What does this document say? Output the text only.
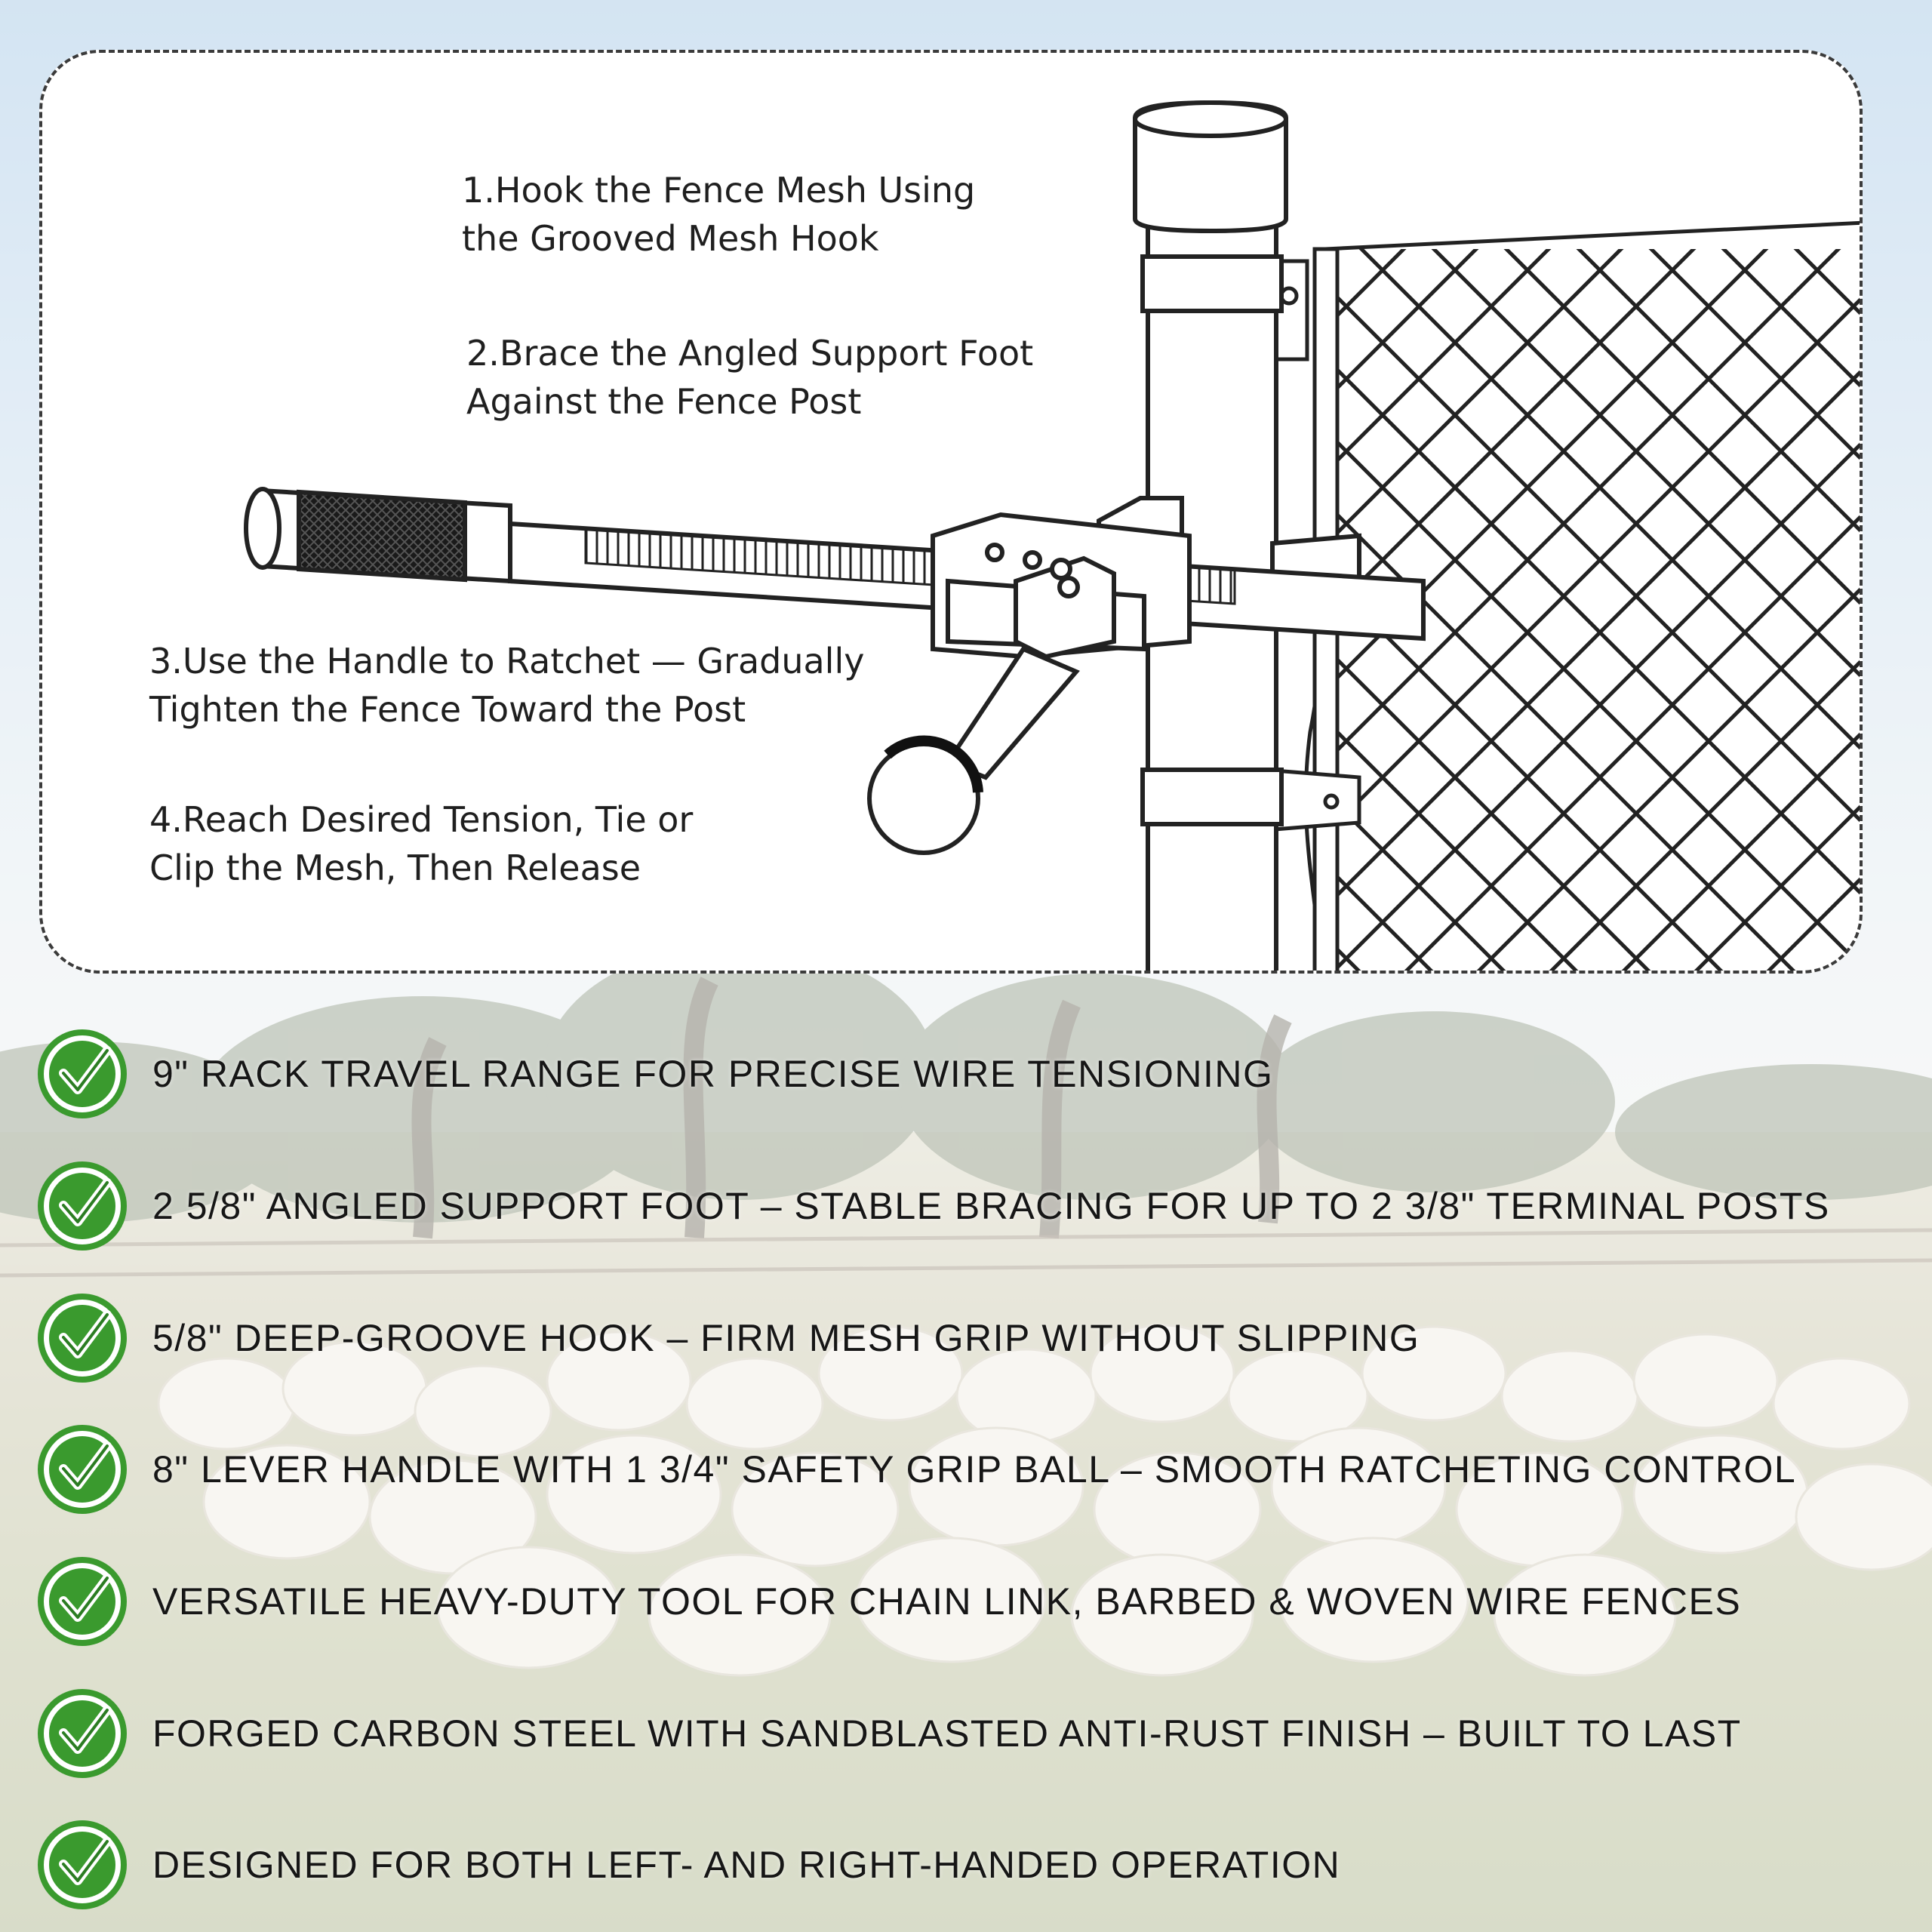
1.Hook the Fence Mesh Using
the Grooved Mesh Hook

2.Brace the Angled Support Foot
Against the Fence Post

3.Use the Handle to Ratchet — Gradually
Tighten the Fence Toward the Post

4.Reach Desired Tension, Tie or
Clip the Mesh, Then Release

9" RACK TRAVEL RANGE FOR PRECISE WIRE TENSIONING
2 5/8" ANGLED SUPPORT FOOT – STABLE BRACING FOR UP TO 2 3/8" TERMINAL POSTS
5/8" DEEP-GROOVE HOOK – FIRM MESH GRIP WITHOUT SLIPPING
8" LEVER HANDLE WITH 1 3/4" SAFETY GRIP BALL – SMOOTH RATCHETING CONTROL
VERSATILE HEAVY-DUTY TOOL FOR CHAIN LINK, BARBED & WOVEN WIRE FENCES
FORGED CARBON STEEL WITH SANDBLASTED ANTI-RUST FINISH – BUILT TO LAST
DESIGNED FOR BOTH LEFT- AND RIGHT-HANDED OPERATION
